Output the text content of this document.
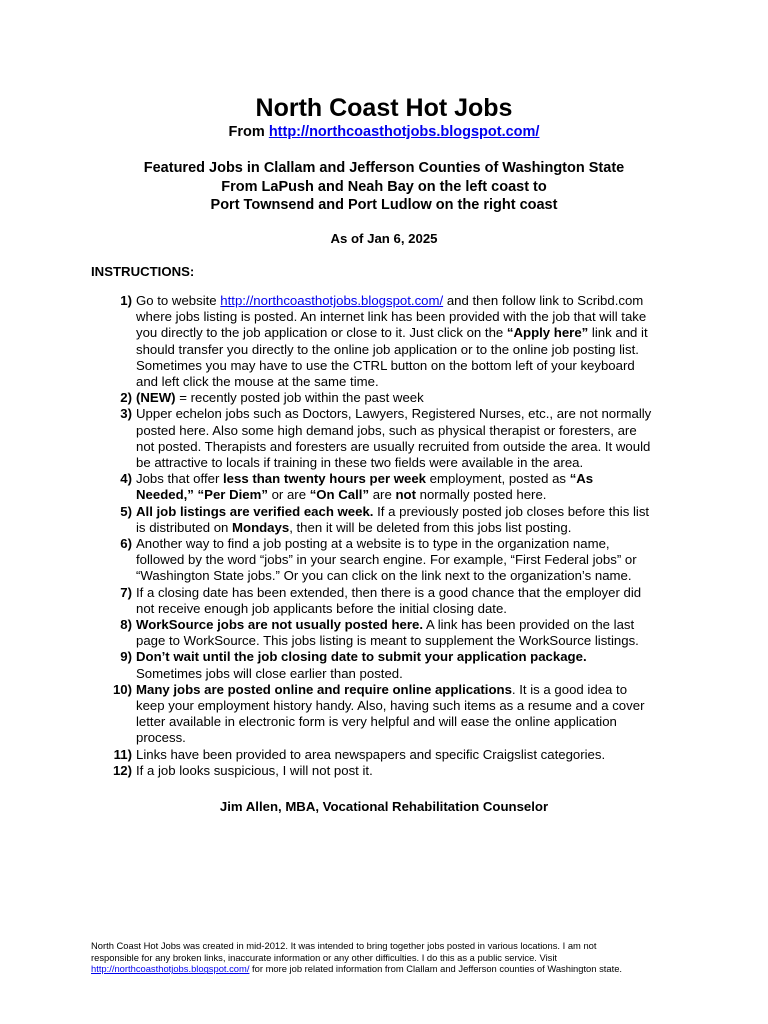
North Coast Hot Jobs
From http://northcoasthotjobs.blogspot.com/
Featured Jobs in Clallam and Jefferson Counties of Washington State
From LaPush and Neah Bay on the left coast to
Port Townsend and Port Ludlow on the right coast
As of Jan 6, 2025
INSTRUCTIONS:
1) Go to website http://northcoasthotjobs.blogspot.com/ and then follow link to Scribd.com
where jobs listing is posted. An internet link has been provided with the job that will take
you directly to the job application or close to it. Just click on the “Apply here” link and it
should transfer you directly to the online job application or to the online job posting list.
Sometimes you may have to use the CTRL button on the bottom left of your keyboard
and left click the mouse at the same time.
2) (NEW) = recently posted job within the past week
3) Upper echelon jobs such as Doctors, Lawyers, Registered Nurses, etc., are not normally
posted here. Also some high demand jobs, such as physical therapist or foresters, are
not posted. Therapists and foresters are usually recruited from outside the area. It would
be attractive to locals if training in these two fields were available in the area.
4) Jobs that offer less than twenty hours per week employment, posted as “As
Needed,” “Per Diem” or are “On Call” are not normally posted here.
5) All job listings are verified each week. If a previously posted job closes before this list
is distributed on Mondays, then it will be deleted from this jobs list posting.
6) Another way to find a job posting at a website is to type in the organization name,
followed by the word “jobs” in your search engine. For example, “First Federal jobs” or
“Washington State jobs.” Or you can click on the link next to the organization’s name.
7) If a closing date has been extended, then there is a good chance that the employer did
not receive enough job applicants before the initial closing date.
8) WorkSource jobs are not usually posted here. A link has been provided on the last
page to WorkSource. This jobs listing is meant to supplement the WorkSource listings.
9) Don’t wait until the job closing date to submit your application package.
Sometimes jobs will close earlier than posted.
10) Many jobs are posted online and require online applications. It is a good idea to
keep your employment history handy. Also, having such items as a resume and a cover
letter available in electronic form is very helpful and will ease the online application
process.
11) Links have been provided to area newspapers and specific Craigslist categories.
12) If a job looks suspicious, I will not post it.
Jim Allen, MBA, Vocational Rehabilitation Counselor
North Coast Hot Jobs was created in mid-2012. It was intended to bring together jobs posted in various locations. I am not
responsible for any broken links, inaccurate information or any other difficulties. I do this as a public service. Visit
http://northcoasthotjobs.blogspot.com/ for more job related information from Clallam and Jefferson counties of Washington state.
